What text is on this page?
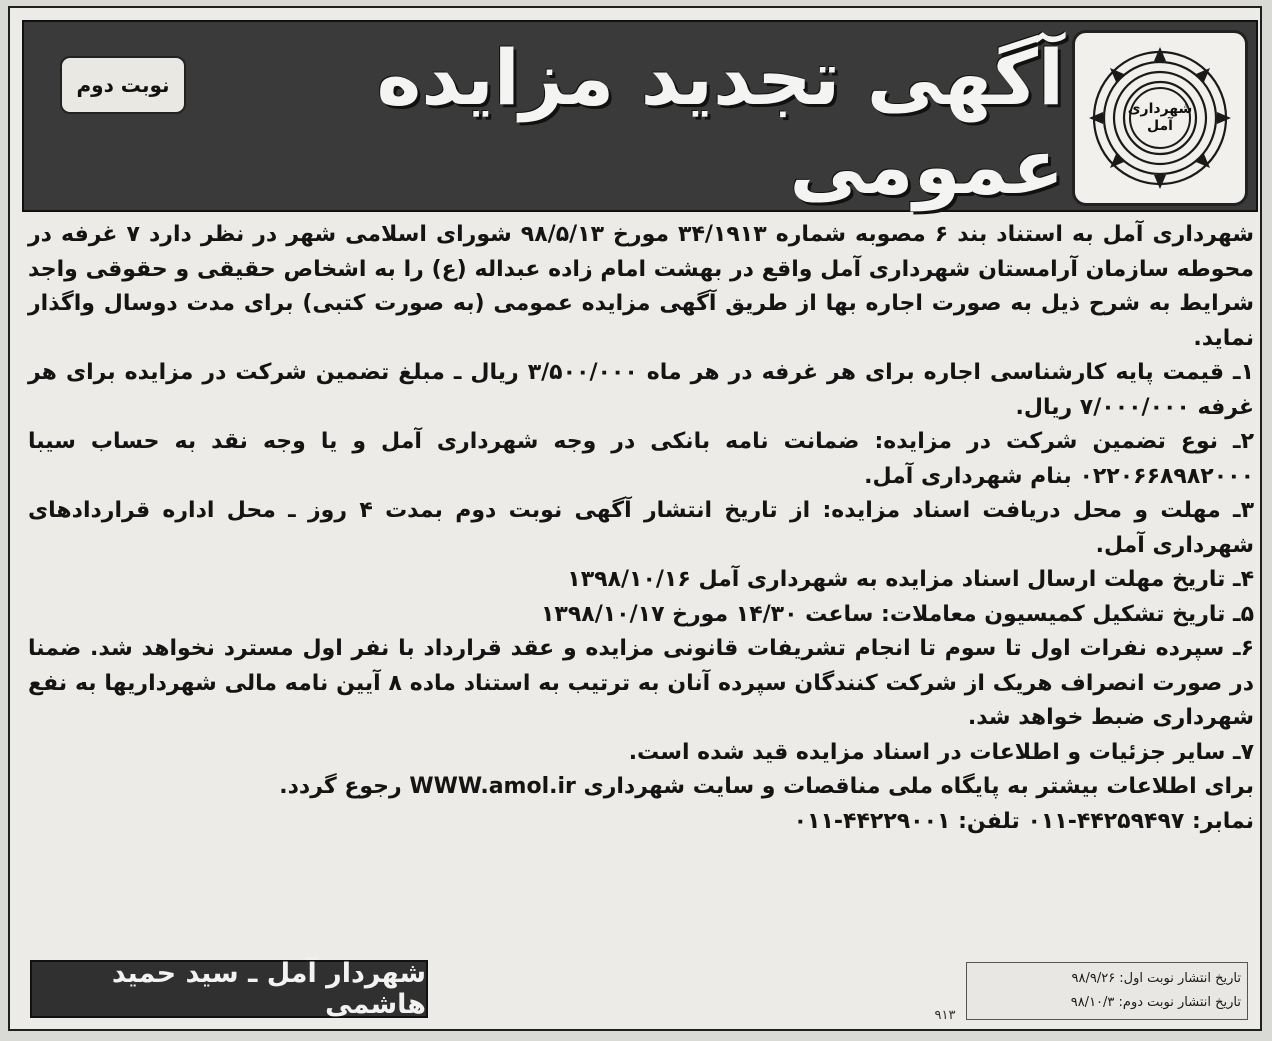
نوبت دوم	آگهی تجدید مزایده عمومی
شهرداری آمل

شهرداری آمل به استناد بند ۶ مصوبه شماره ۳۴/۱۹۱۳ مورخ ۹۸/۵/۱۳ شورای اسلامی شهر در نظر دارد ۷ غرفه در محوطه سازمان آرامستان شهرداری آمل واقع در بهشت امام زاده عبداله (ع) را به اشخاص حقیقی و حقوقی واجد شرایط به شرح ذیل به صورت اجاره بها از طریق آگهی مزایده عمومی (به صورت کتبی) برای مدت دوسال واگذار نماید.

۱ـ قیمت پایه کارشناسی اجاره برای هر غرفه در هر ماه ۳/۵۰۰/۰۰۰ ریال ـ مبلغ تضمین شرکت در مزایده برای هر غرفه ۷/۰۰۰/۰۰۰ ریال.

۲ـ نوع تضمین شرکت در مزایده: ضمانت نامه بانکی در وجه شهرداری آمل و یا وجه نقد به حساب سیبا ۰۲۲۰۶۶۸۹۸۲۰۰۰ بنام شهرداری آمل.

۳ـ مهلت و محل دریافت اسناد مزایده: از تاریخ انتشار آگهی نوبت دوم بمدت ۴ روز ـ محل اداره قراردادهای شهرداری آمل.

۴ـ تاریخ مهلت ارسال اسناد مزایده به شهرداری آمل ۱۳۹۸/۱۰/۱۶

۵ـ تاریخ تشکیل کمیسیون معاملات: ساعت ۱۴/۳۰ مورخ ۱۳۹۸/۱۰/۱۷

۶ـ سپرده نفرات اول تا سوم تا انجام تشریفات قانونی مزایده و عقد قرارداد با نفر اول مسترد نخواهد شد. ضمنا در صورت انصراف هریک از شرکت کنندگان سپرده آنان به ترتیب به استناد ماده ۸ آیین نامه مالی شهرداریها به نفع شهرداری ضبط خواهد شد.

۷ـ سایر جزئیات و اطلاعات در اسناد مزایده قید شده است.

برای اطلاعات بیشتر به پایگاه ملی مناقصات و سایت شهرداری WWW.amol.ir رجوع گردد.

نمابر: ۴۴۲۵۹۴۹۷-۰۱۱ تلفن: ۴۴۲۲۹۰۰۱-۰۱۱

شهردار آمل ـ سید حمید هاشمی
تاریخ انتشار نوبت اول: ۹۸/۹/۲۶
تاریخ انتشار نوبت دوم: ۹۸/۱۰/۳
۹۱۳
